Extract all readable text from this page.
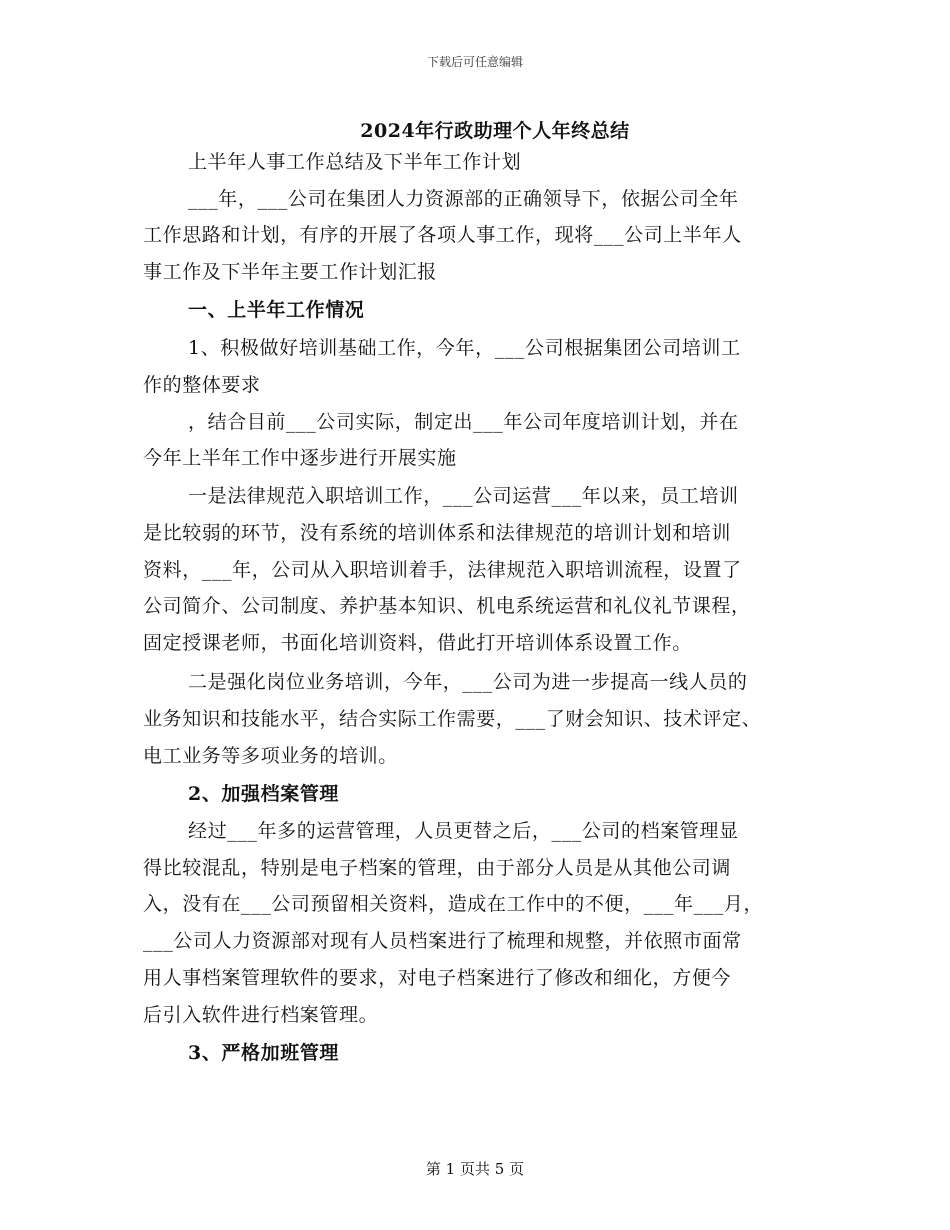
下载后可任意编辑
2024年行政助理个人年终总结
上半年人事工作总结及下半年工作计划
___年，___公司在集团人力资源部的正确领导下，依据公司全年
工作思路和计划，有序的开展了各项人事工作，现将___公司上半年人
事工作及下半年主要工作计划汇报
一、上半年工作情况
1、积极做好培训基础工作，今年，___公司根据集团公司培训工
作的整体要求
，结合目前___公司实际，制定出___年公司年度培训计划，并在
今年上半年工作中逐步进行开展实施
一是法律规范入职培训工作，___公司运营___年以来，员工培训
是比较弱的环节，没有系统的培训体系和法律规范的培训计划和培训
资料，___年，公司从入职培训着手，法律规范入职培训流程，设置了
公司简介、公司制度、养护基本知识、机电系统运营和礼仪礼节课程，
固定授课老师，书面化培训资料，借此打开培训体系设置工作。
二是强化岗位业务培训，今年，___公司为进一步提高一线人员的
业务知识和技能水平，结合实际工作需要，___了财会知识、技术评定、
电工业务等多项业务的培训。
2、加强档案管理
经过___年多的运营管理，人员更替之后，___公司的档案管理显
得比较混乱，特别是电子档案的管理，由于部分人员是从其他公司调
入，没有在___公司预留相关资料，造成在工作中的不便，___年___月，
___公司人力资源部对现有人员档案进行了梳理和规整，并依照市面常
用人事档案管理软件的要求，对电子档案进行了修改和细化，方便今
后引入软件进行档案管理。
3、严格加班管理
第 1 页共 5 页
